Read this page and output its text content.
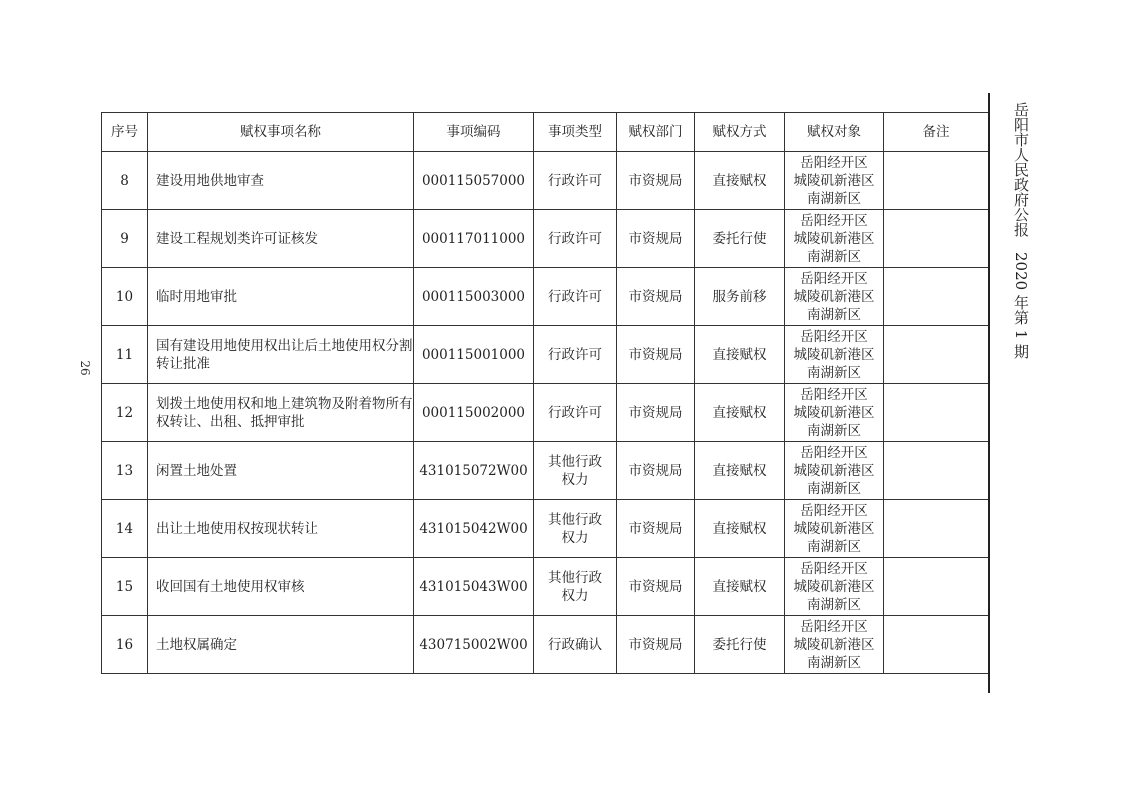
序号	赋权事项名称	事项编码	事项类型	赋权部门	赋权方式	赋权对象	备注
8	建设用地供地审查	000115057000	行政许可	市资规局	直接赋权	岳阳经开区
城陵矶新港区
南湖新区	

9	建设工程规划类许可证核发	000117011000	行政许可	市资规局	委托行使	岳阳经开区
城陵矶新港区
南湖新区	

10	临时用地审批	000115003000	行政许可	市资规局	服务前移	岳阳经开区
城陵矶新港区
南湖新区	

11	国有建设用地使用权出让后土地使用权分割转让批准	000115001000	行政许可	市资规局	直接赋权	岳阳经开区
城陵矶新港区
南湖新区	

12	划拨土地使用权和地上建筑物及附着物所有权转让、出租、抵押审批	000115002000	行政许可	市资规局	直接赋权	岳阳经开区
城陵矶新港区
南湖新区	

13	闲置土地处置	431015072W00	其他行政权力	市资规局	直接赋权	岳阳经开区
城陵矶新港区
南湖新区	

14	出让土地使用权按现状转让	431015042W00	其他行政权力	市资规局	直接赋权	岳阳经开区
城陵矶新港区
南湖新区	

15	收回国有土地使用权审核	431015043W00	其他行政权力	市资规局	直接赋权	岳阳经开区
城陵矶新港区
南湖新区	

16	土地权属确定	430715002W00	行政确认	市资规局	委托行使	岳阳经开区
城陵矶新港区
南湖新区	

岳阳市人民政府公报　2020 年第 1 期
26
